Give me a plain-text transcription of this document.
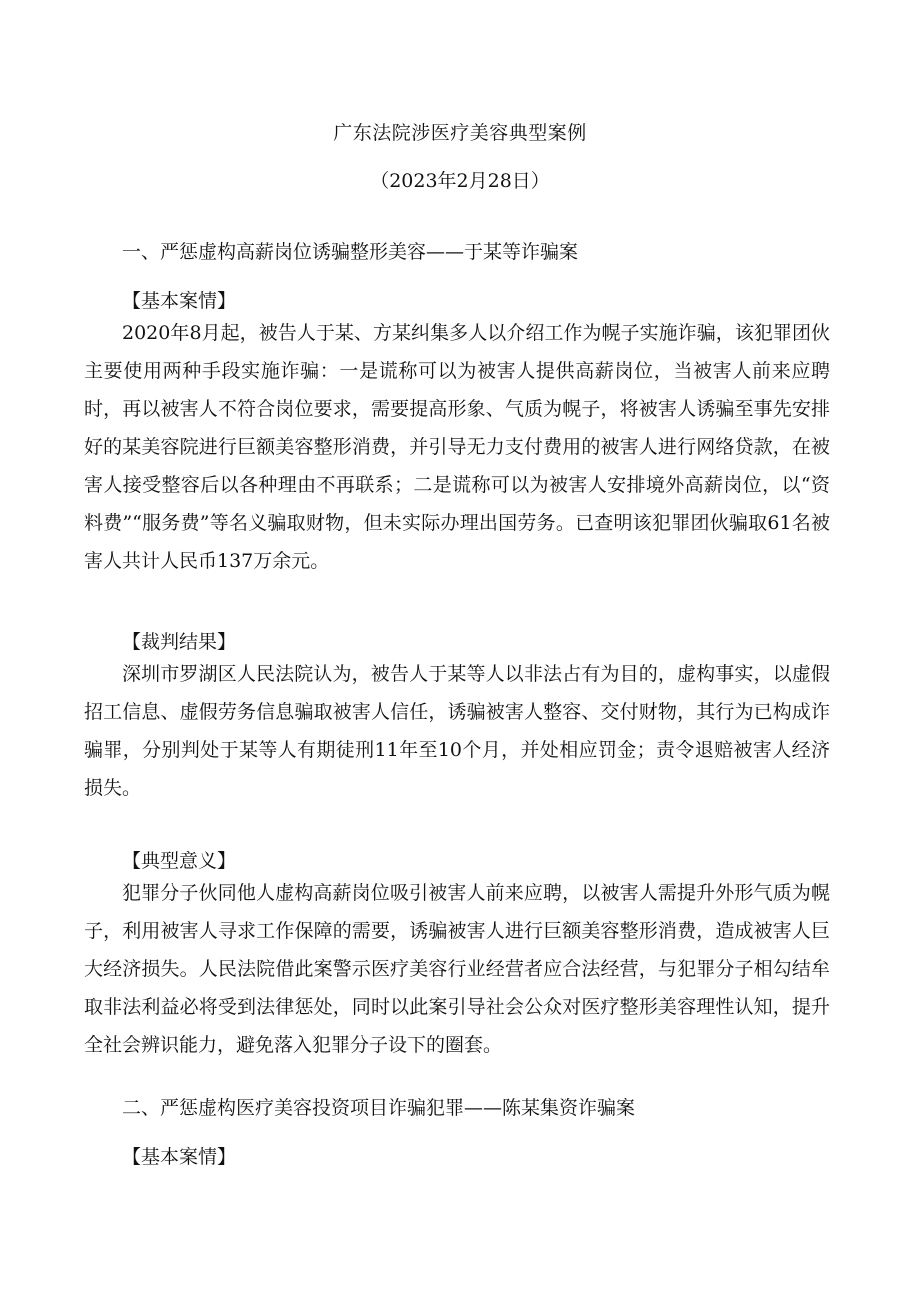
广东法院涉医疗美容典型案例
（2023年2月28日）
一、严惩虚构高薪岗位诱骗整形美容——于某等诈骗案
【基本案情】
2020年8月起，被告人于某、方某纠集多人以介绍工作为幌子实施诈骗，该犯罪团伙主要使用两种手段实施诈骗：一是谎称可以为被害人提供高薪岗位，当被害人前来应聘时，再以被害人不符合岗位要求，需要提高形象、气质为幌子，将被害人诱骗至事先安排好的某美容院进行巨额美容整形消费，并引导无力支付费用的被害人进行网络贷款，在被害人接受整容后以各种理由不再联系；二是谎称可以为被害人安排境外高薪岗位，以“资料费”“服务费”等名义骗取财物，但未实际办理出国劳务。已查明该犯罪团伙骗取61名被害人共计人民币137万余元。
【裁判结果】
深圳市罗湖区人民法院认为，被告人于某等人以非法占有为目的，虚构事实，以虚假招工信息、虚假劳务信息骗取被害人信任，诱骗被害人整容、交付财物，其行为已构成诈骗罪，分别判处于某等人有期徒刑11年至10个月，并处相应罚金；责令退赔被害人经济损失。
【典型意义】
犯罪分子伙同他人虚构高薪岗位吸引被害人前来应聘，以被害人需提升外形气质为幌子，利用被害人寻求工作保障的需要，诱骗被害人进行巨额美容整形消费，造成被害人巨大经济损失。人民法院借此案警示医疗美容行业经营者应合法经营，与犯罪分子相勾结牟取非法利益必将受到法律惩处，同时以此案引导社会公众对医疗整形美容理性认知，提升全社会辨识能力，避免落入犯罪分子设下的圈套。
二、严惩虚构医疗美容投资项目诈骗犯罪——陈某集资诈骗案
【基本案情】
